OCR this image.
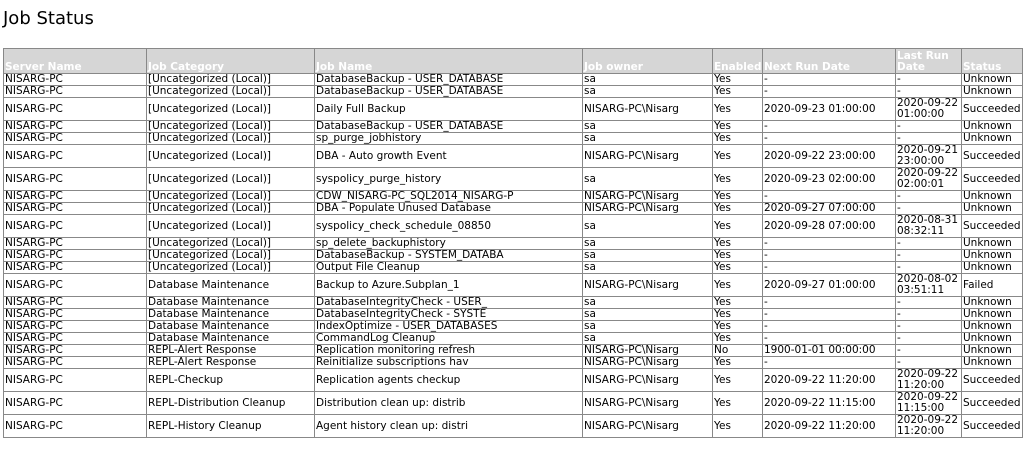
Job Status
Server Name	Job Category	Job Name	Job owner	Enabled	Next Run Date	Last Run Date	Status
NISARG-PC	[Uncategorized (Local)]	DatabaseBackup - USER_DATABASE	sa	Yes	-	-	Unknown
NISARG-PC	[Uncategorized (Local)]	DatabaseBackup - USER_DATABASE	sa	Yes	-	-	Unknown
NISARG-PC	[Uncategorized (Local)]	Daily Full Backup	NISARG-PC\Nisarg	Yes	2020-09-23 01:00:00	2020-09-22 01:00:00	Succeeded
NISARG-PC	[Uncategorized (Local)]	DatabaseBackup - USER_DATABASE	sa	Yes	-	-	Unknown
NISARG-PC	[Uncategorized (Local)]	sp_purge_jobhistory	sa	Yes	-	-	Unknown
NISARG-PC	[Uncategorized (Local)]	DBA - Auto growth Event	NISARG-PC\Nisarg	Yes	2020-09-22 23:00:00	2020-09-21 23:00:00	Succeeded
NISARG-PC	[Uncategorized (Local)]	syspolicy_purge_history	sa	Yes	2020-09-23 02:00:00	2020-09-22 02:00:01	Succeeded
NISARG-PC	[Uncategorized (Local)]	CDW_NISARG-PC_SQL2014_NISARG-P	NISARG-PC\Nisarg	Yes	-	-	Unknown
NISARG-PC	[Uncategorized (Local)]	DBA - Populate Unused Database	NISARG-PC\Nisarg	Yes	2020-09-27 07:00:00	-	Unknown
NISARG-PC	[Uncategorized (Local)]	syspolicy_check_schedule_08850	sa	Yes	2020-09-28 07:00:00	2020-08-31 08:32:11	Succeeded
NISARG-PC	[Uncategorized (Local)]	sp_delete_backuphistory	sa	Yes	-	-	Unknown
NISARG-PC	[Uncategorized (Local)]	DatabaseBackup - SYSTEM_DATABA	sa	Yes	-	-	Unknown
NISARG-PC	[Uncategorized (Local)]	Output File Cleanup	sa	Yes	-	-	Unknown
NISARG-PC	Database Maintenance	Backup to Azure.Subplan_1	NISARG-PC\Nisarg	Yes	2020-09-27 01:00:00	2020-08-02 03:51:11	Failed
NISARG-PC	Database Maintenance	DatabaseIntegrityCheck - USER_	sa	Yes	-	-	Unknown
NISARG-PC	Database Maintenance	DatabaseIntegrityCheck - SYSTE	sa	Yes	-	-	Unknown
NISARG-PC	Database Maintenance	IndexOptimize - USER_DATABASES	sa	Yes	-	-	Unknown
NISARG-PC	Database Maintenance	CommandLog Cleanup	sa	Yes	-	-	Unknown
NISARG-PC	REPL-Alert Response	Replication monitoring refresh	NISARG-PC\Nisarg	No	1900-01-01 00:00:00	-	Unknown
NISARG-PC	REPL-Alert Response	Reinitialize subscriptions hav	NISARG-PC\Nisarg	Yes	-	-	Unknown
NISARG-PC	REPL-Checkup	Replication agents checkup	NISARG-PC\Nisarg	Yes	2020-09-22 11:20:00	2020-09-22 11:20:00	Succeeded
NISARG-PC	REPL-Distribution Cleanup	Distribution clean up: distrib	NISARG-PC\Nisarg	Yes	2020-09-22 11:15:00	2020-09-22 11:15:00	Succeeded
NISARG-PC	REPL-History Cleanup	Agent history clean up: distri	NISARG-PC\Nisarg	Yes	2020-09-22 11:20:00	2020-09-22 11:20:00	Succeeded
